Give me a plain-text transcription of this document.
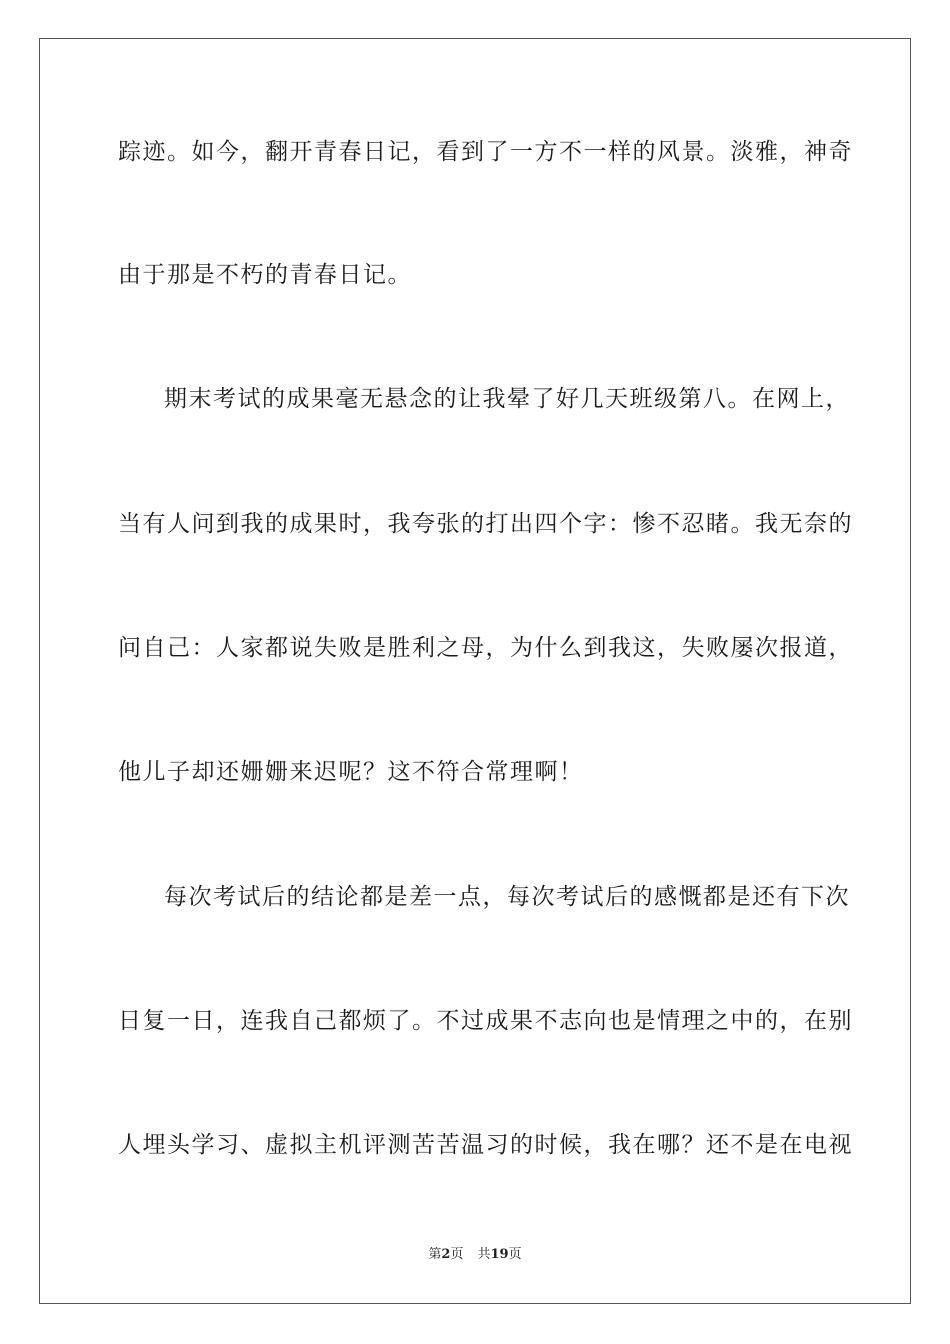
踪迹。如今，翻开青春日记，看到了一方不一样的风景。淡雅，神奇
由于那是不朽的青春日记。
期末考试的成果毫无悬念的让我晕了好几天班级第八。在网上，
当有人问到我的成果时，我夸张的打出四个字：惨不忍睹。我无奈的
问自己：人家都说失败是胜利之母，为什么到我这，失败屡次报道，
他儿子却还姗姗来迟呢？这不符合常理啊！
每次考试后的结论都是差一点，每次考试后的感慨都是还有下次
日复一日，连我自己都烦了。不过成果不志向也是情理之中的，在别
人埋头学习、虚拟主机评测苦苦温习的时候，我在哪？还不是在电视
第2页 共19页
